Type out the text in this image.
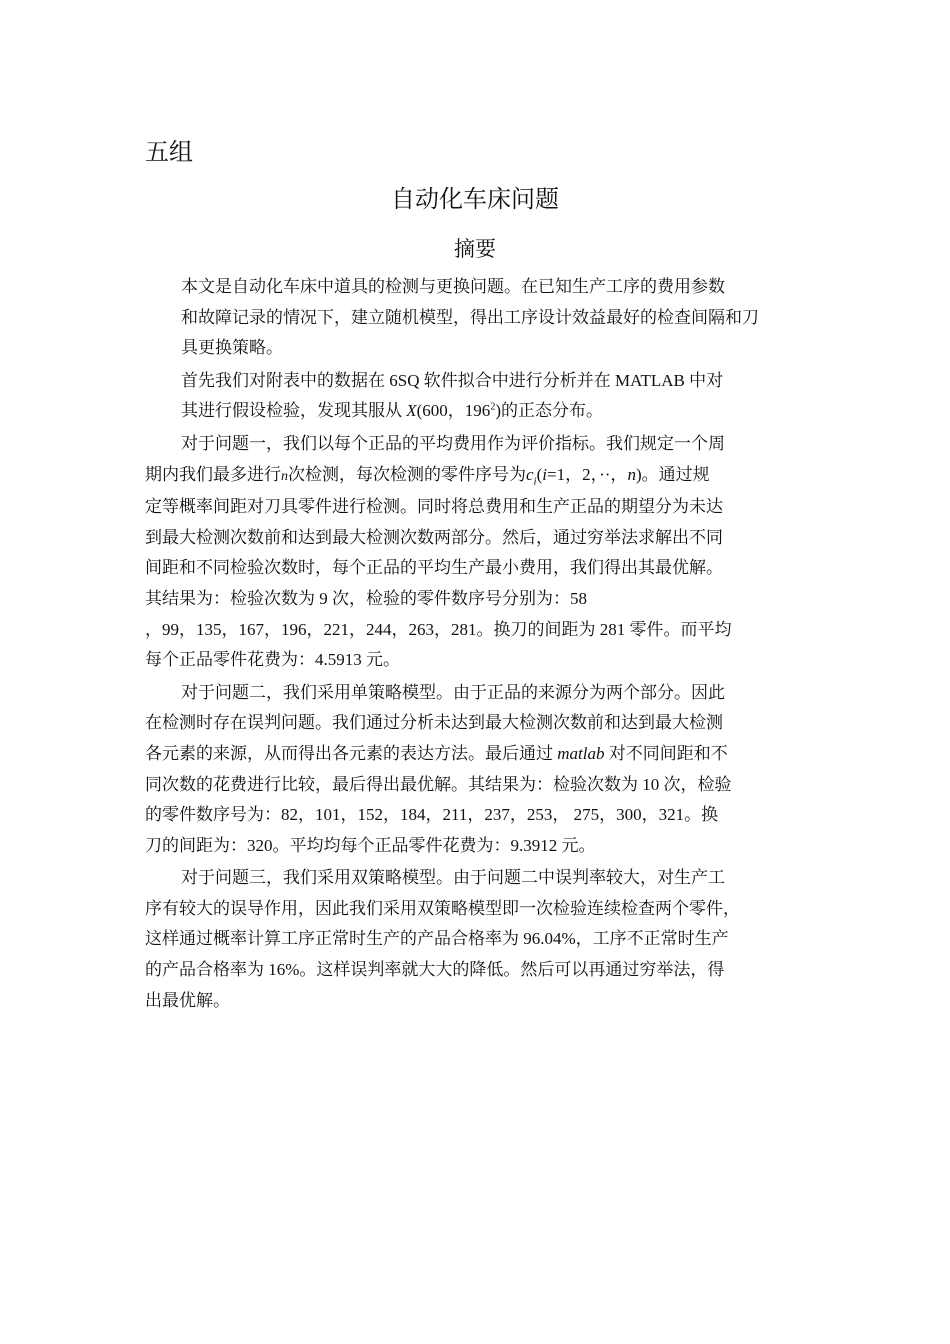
五组
自动化车床问题
摘要

本文是自动化车床中道具的检测与更换问题。在已知生产工序的费用参数
和故障记录的情况下，建立随机模型，得出工序设计效益最好的检查间隔和刀
具更换策略。

首先我们对附表中的数据在 6SQ 软件拟合中进行分析并在 MATLAB 中对
其进行假设检验，发现其服从 X(600，$196^2$)的正态分布。

对于问题一，我们以每个正品的平均费用作为评价指标。我们规定一个周
期内我们最多进行n次检测，每次检测的零件序号为$c_i(i=1$，2，··，n)。通过规
定等概率间距对刀具零件进行检测。同时将总费用和生产正品的期望分为未达
到最大检测次数前和达到最大检测次数两部分。然后，通过穷举法求解出不同
间距和不同检验次数时，每个正品的平均生产最小费用，我们得出其最优解。
其结果为：检验次数为 9 次，检验的零件数序号分别为：58
，99，135，167，196，221，244，263，281。换刀的间距为 281 零件。而平均
每个正品零件花费为：4.5913 元。

对于问题二，我们采用单策略模型。由于正品的来源分为两个部分。因此
在检测时存在误判问题。我们通过分析未达到最大检测次数前和达到最大检测
各元素的来源，从而得出各元素的表达方法。最后通过 matlab 对不同间距和不
同次数的花费进行比较，最后得出最优解。其结果为：检验次数为 10 次，检验
的零件数序号为：82，101，152，184，211，237，253， 275，300，321。换
刀的间距为：320。平均均每个正品零件花费为：9.3912 元。

对于问题三，我们采用双策略模型。由于问题二中误判率较大，对生产工
序有较大的误导作用，因此我们采用双策略模型即一次检验连续检查两个零件，
这样通过概率计算工序正常时生产的产品合格率为 96.04%，工序不正常时生产
的产品合格率为 16%。这样误判率就大大的降低。然后可以再通过穷举法，得
出最优解。
